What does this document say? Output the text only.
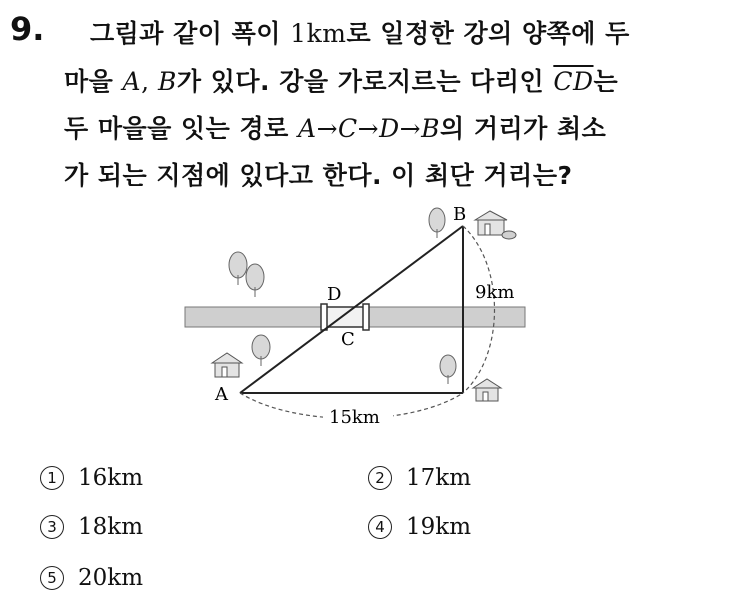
9. 그림과 같이 폭이 1km로 일정한 강의 양쪽에 두
마을 A, B가 있다. 강을 가로지르는 다리인 $\overline{CD}$는
두 마을을 잇는 경로 A→C→D→B의 거리가 최소
가 되는 지점에 있다고 한다. 이 최단 거리는?
A
B
C
D	9km
15km
1 16km	2 17km
3 18km	4 19km
5 20km
